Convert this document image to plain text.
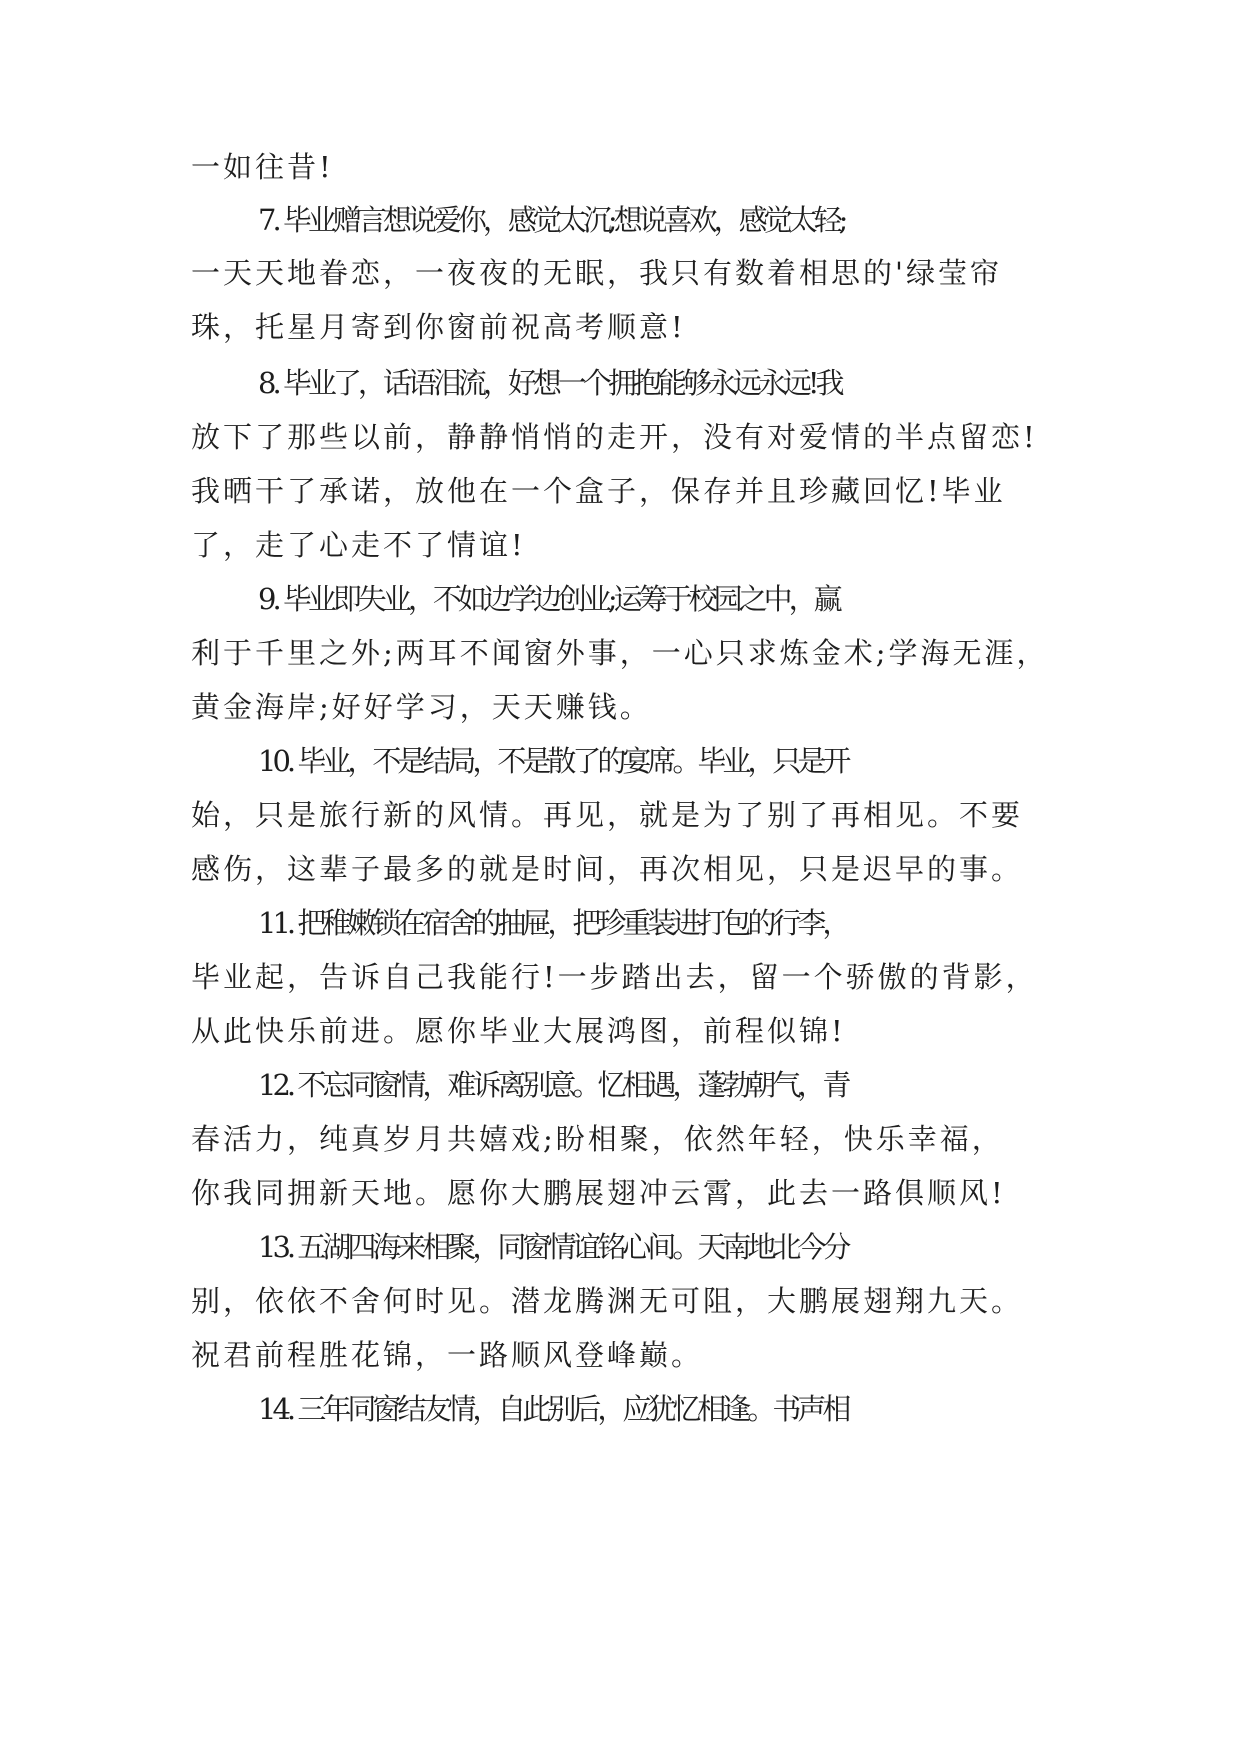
一如往昔!
7. 毕业赠言想说爱你，感觉太沉;想说喜欢，感觉太轻;
一天天地眷恋，一夜夜的无眠，我只有数着相思的'绿莹帘
珠，托星月寄到你窗前祝高考顺意!
8. 毕业了，话语泪流，好想一个拥抱能够永远永远!我
放下了那些以前，静静悄悄的走开，没有对爱情的半点留恋!
我晒干了承诺，放他在一个盒子，保存并且珍藏回忆!毕业
了，走了心走不了情谊!
9. 毕业即失业，不如边学边创业;运筹于校园之中，赢
利于千里之外;两耳不闻窗外事，一心只求炼金术;学海无涯，
黄金海岸;好好学习，天天赚钱。
10. 毕业，不是结局，不是散了的宴席。毕业，只是开
始，只是旅行新的风情。再见，就是为了别了再相见。不要
感伤，这辈子最多的就是时间，再次相见，只是迟早的事。
11. 把稚嫩锁在宿舍的抽屉，把珍重装进打包的行李，
毕业起，告诉自己我能行!一步踏出去，留一个骄傲的背影，
从此快乐前进。愿你毕业大展鸿图，前程似锦!
12. 不忘同窗情，难诉离别意。忆相遇，蓬勃朝气，青
春活力，纯真岁月共嬉戏;盼相聚，依然年轻，快乐幸福，
你我同拥新天地。愿你大鹏展翅冲云霄，此去一路俱顺风!
13. 五湖四海来相聚，同窗情谊铭心间。天南地北今分
别，依依不舍何时见。潜龙腾渊无可阻，大鹏展翅翔九天。
祝君前程胜花锦，一路顺风登峰巅。
14. 三年同窗结友情，自此别后，应犹忆相逢。书声相
